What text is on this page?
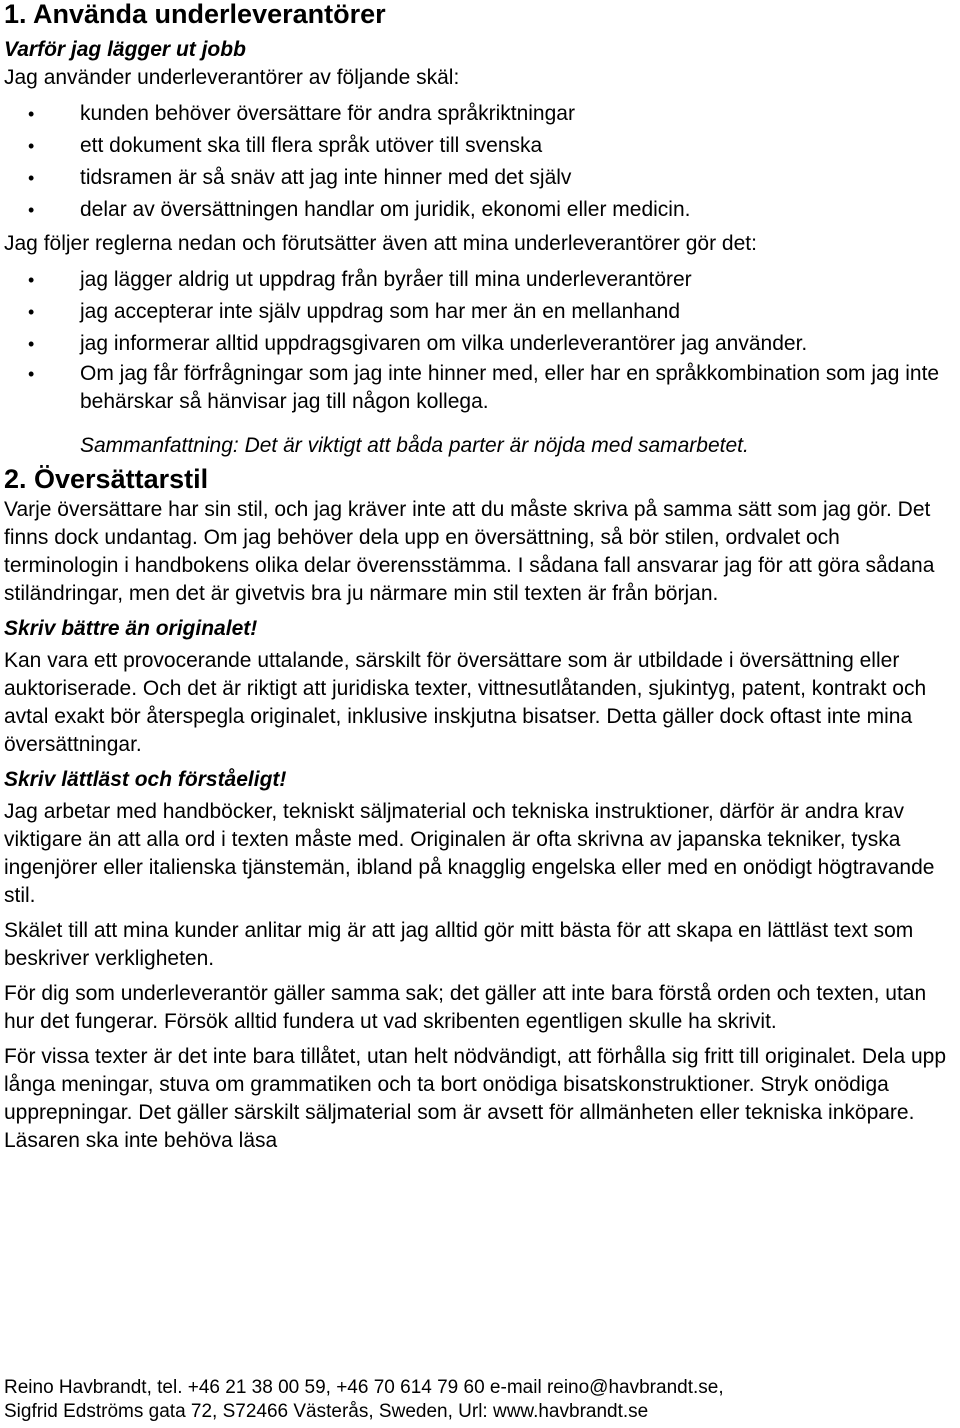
1. Använda underleverantörer

Varför jag lägger ut jobb

Jag använder underleverantörer av följande skäl:

• kunden behöver översättare för andra språkriktningar
• ett dokument ska till flera språk utöver till svenska
• tidsramen är så snäv att jag inte hinner med det själv
• delar av översättningen handlar om juridik, ekonomi eller medicin.

Jag följer reglerna nedan och förutsätter även att mina underleverantörer gör det:

• jag lägger aldrig ut uppdrag från byråer till mina underleverantörer
• jag accepterar inte själv uppdrag som har mer än en mellanhand
• jag informerar alltid uppdragsgivaren om vilka underleverantörer jag använder.
• Om jag får förfrågningar som jag inte hinner med, eller har en språkkombination som jag inte behärskar så hänvisar jag till någon kollega.

Sammanfattning: Det är viktigt att båda parter är nöjda med samarbetet.

2. Översättarstil

Varje översättare har sin stil, och jag kräver inte att du måste skriva på samma sätt som jag gör. Det finns dock undantag. Om jag behöver dela upp en översättning, så bör stilen, ordvalet och terminologin i handbokens olika delar överensstämma. I sådana fall ansvarar jag för att göra sådana stiländringar, men det är givetvis bra ju närmare min stil texten är från början.

Skriv bättre än originalet!

Kan vara ett provocerande uttalande, särskilt för översättare som är utbildade i översättning eller auktoriserade. Och det är riktigt att juridiska texter, vittnesutlåtanden, sjukintyg, patent, kontrakt och avtal exakt bör återspegla originalet, inklusive inskjutna bisatser. Detta gäller dock oftast inte mina översättningar.

Skriv lättläst och förståeligt!

Jag arbetar med handböcker, tekniskt säljmaterial och tekniska instruktioner, därför är andra krav viktigare än att alla ord i texten måste med. Originalen är ofta skrivna av japanska tekniker, tyska ingenjörer eller italienska tjänstemän, ibland på knagglig engelska eller med en onödigt högtravande stil.

Skälet till att mina kunder anlitar mig är att jag alltid gör mitt bästa för att skapa en lättläst text som beskriver verkligheten.

För dig som underleverantör gäller samma sak; det gäller att inte bara förstå orden och texten, utan hur det fungerar. Försök alltid fundera ut vad skribenten egentligen skulle ha skrivit.

För vissa texter är det inte bara tillåtet, utan helt nödvändigt, att förhålla sig fritt till originalet. Dela upp långa meningar, stuva om grammatiken och ta bort onödiga bisatskonstruktioner. Stryk onödiga upprepningar. Det gäller särskilt säljmaterial som är avsett för allmänheten eller tekniska inköpare. Läsaren ska inte behöva läsa

Reino Havbrandt, tel. +46 21 38 00 59, +46 70 614 79 60 e-mail reino@havbrandt.se,
Sigfrid Edströms gata 72, S72466 Västerås, Sweden, Url: www.havbrandt.se
